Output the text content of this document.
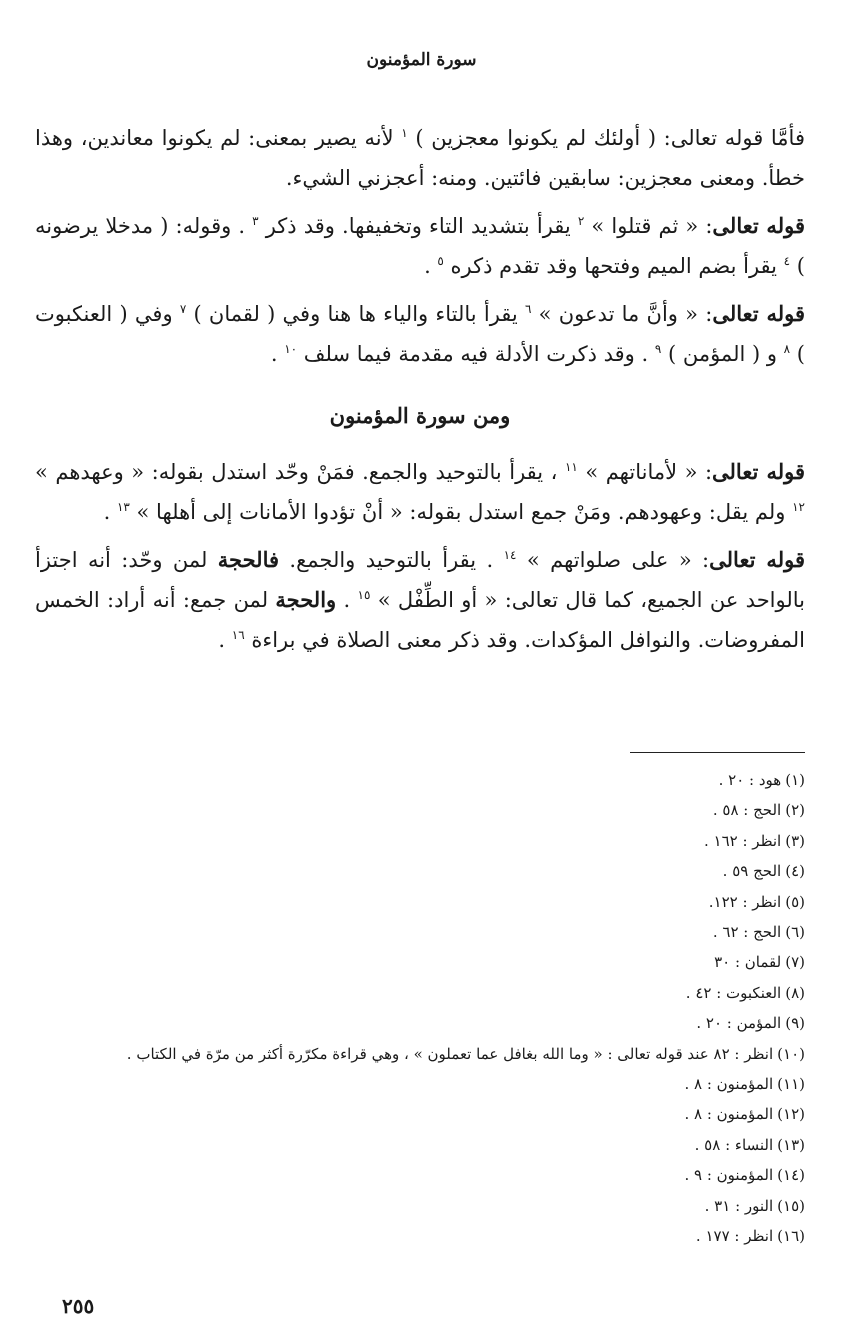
سورة المؤمنون

فأمَّا قوله تعالى: ( أولئك لم يكونوا معجزين ) $^١$ لأنه يصير بمعنى: لم يكونوا معاندين، وهذا خطأ. ومعنى معجزين: سابقين فائتين. ومنه: أعجزني الشيء.

قوله تعالى: « ثم قتلوا » $^٢$ يقرأ بتشديد التاء وتخفيفها. وقد ذكر $^٣$ . وقوله: ( مدخلا يرضونه ) $^٤$ يقرأ بضم الميم وفتحها وقد تقدم ذكره $^٥$ .

قوله تعالى: « وأنَّ ما تدعون » $^٦$ يقرأ بالتاء والياء ها هنا وفي ( لقمان ) $^٧$ وفي ( العنكبوت ) $^٨$ و ( المؤمن ) $^٩$ . وقد ذكرت الأدلة فيه مقدمة فيما سلف $^{١٠}$ .

ومن سورة المؤمنون

قوله تعالى: « لأماناتهم » $^{١١}$ ، يقرأ بالتوحيد والجمع. فمَنْ وحّد استدل بقوله: « وعهدهم » $^{١٢}$ ولم يقل: وعهودهم. ومَنْ جمع استدل بقوله: « أنْ تؤدوا الأمانات إلى أهلها » $^{١٣}$ .

قوله تعالى: « على صلواتهم » $^{١٤}$ . يقرأ بالتوحيد والجمع. فالحجة لمن وحّد: أنه اجتزأ بالواحد عن الجميع، كما قال تعالى: « أو الطِّفْل » $^{١٥}$ . والحجة لمن جمع: أنه أراد: الخمس المفروضات. والنوافل المؤكدات. وقد ذكر معنى الصلاة في براءة $^{١٦}$ .

(١)هود : ٢٠ .
(٢)الحج : ٥٨ .
(٣)انظر : ١٦٢ .
(٤)الحج ٥٩ .
(٥)انظر : ١٢٢.
(٦)الحج : ٦٢ .
(٧)لقمان : ٣٠
(٨)العنكبوت : ٤٢ .
(٩)المؤمن : ٢٠ .
(١٠)انظر : ٨٢ عند قوله تعالى : « وما الله بغافل عما تعملون » ، وهي قراءة مكرّرة أكثر من مرّة في الكتاب .
(١١)المؤمنون : ٨ .
(١٢)المؤمنون : ٨ .
(١٣)النساء : ٥٨ .
(١٤)المؤمنون : ٩ .
(١٥)النور : ٣١ .
(١٦)انظر : ١٧٧ .
٢٥٥
